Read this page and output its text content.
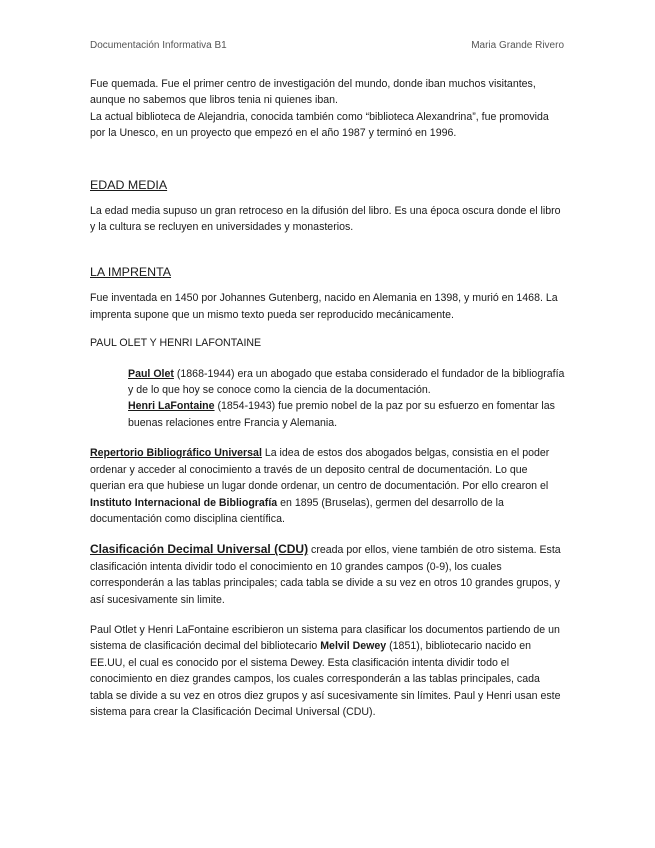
Documentación Informativa B1	Maria Grande Rivero

Fue quemada. Fue el primer centro de investigación del mundo, donde iban muchos visitantes, aunque no sabemos que libros tenia ni quienes iban.

La actual biblioteca de Alejandria, conocida también como “biblioteca Alexandrina”, fue promovida por la Unesco, en un proyecto que empezó en el año 1987 y terminó en 1996.

EDAD MEDIA

La edad media supuso un gran retroceso en la difusión del libro. Es una época oscura donde el libro y la cultura se recluyen en universidades y monasterios.

LA IMPRENTA

Fue inventada en 1450 por Johannes Gutenberg, nacido en Alemania en 1398, y murió en 1468. La imprenta supone que un mismo texto pueda ser reproducido mecánicamente.

PAUL OLET Y HENRI LAFONTAINE

Paul Olet (1868-1944) era un abogado que estaba considerado el fundador de la bibliografía y de lo que hoy se conoce como la ciencia de la documentación.

Henri LaFontaine (1854-1943) fue premio nobel de la paz por su esfuerzo en fomentar las buenas relaciones entre Francia y Alemania.

Repertorio Bibliográfico Universal La idea de estos dos abogados belgas, consistia en el poder ordenar y acceder al conocimiento a través de un deposito central de documentación. Lo que querian era que hubiese un lugar donde ordenar, un centro de documentación. Por ello crearon el Instituto Internacional de Bibliografía en 1895 (Bruselas), germen del desarrollo de la documentación como disciplina científica.

Clasificación Decimal Universal (CDU) creada por ellos, viene también de otro sistema. Esta clasificación intenta dividir todo el conocimiento en 10 grandes campos (0-9), los cuales corresponderán a las tablas principales; cada tabla se divide a su vez en otros 10 grandes grupos, y así sucesivamente sin limite.

Paul Otlet y Henri LaFontaine escribieron un sistema para clasificar los documentos partiendo de un sistema de clasificación decimal del bibliotecario Melvil Dewey (1851), bibliotecario nacido en EE.UU, el cual es conocido por el sistema Dewey. Esta clasificación intenta dividir todo el conocimiento en diez grandes campos, los cuales corresponderán a las tablas principales, cada tabla se divide a su vez en otros diez grupos y así sucesivamente sin límites. Paul y Henri usan este sistema para crear la Clasificación Decimal Universal (CDU).
